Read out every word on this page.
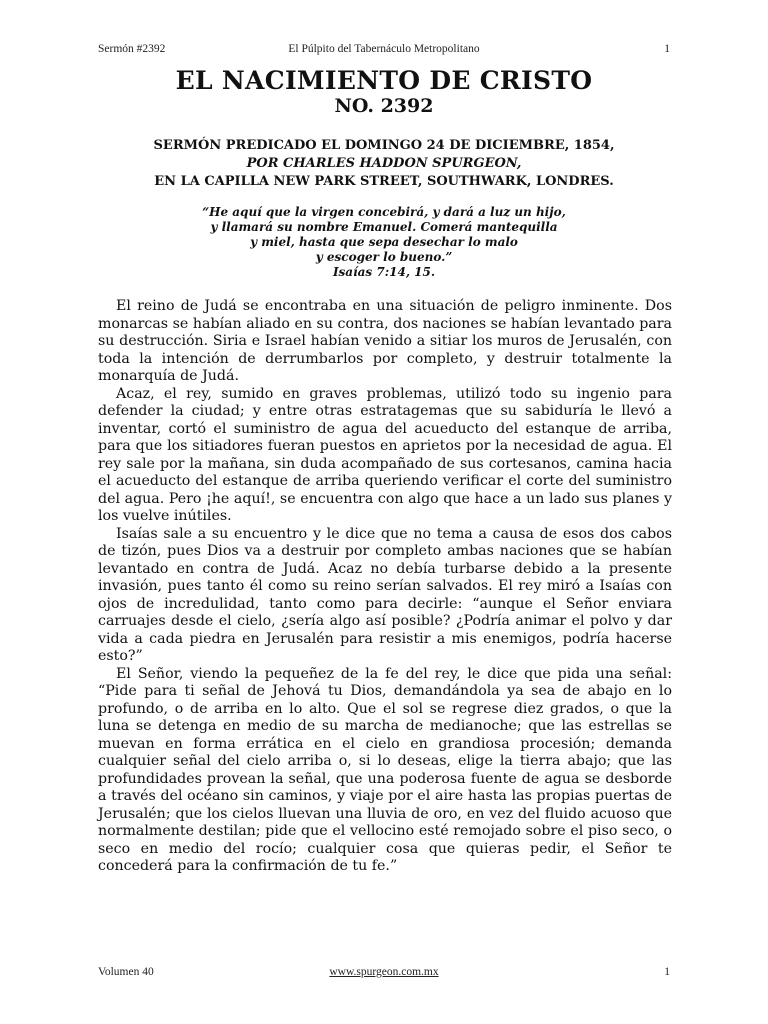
Sermón #2392	El Púlpito del Tabernáculo Metropolitano	1
EL NACIMIENTO DE CRISTO
NO. 2392
SERMÓN PREDICADO EL DOMINGO 24 DE DICIEMBRE, 1854,
POR CHARLES HADDON SPURGEON,
EN LA CAPILLA NEW PARK STREET, SOUTHWARK, LONDRES.
“He aquí que la virgen concebirá, y dará a luz un hijo,
y llamará su nombre Emanuel. Comerá mantequilla
y miel, hasta que sepa desechar lo malo
y escoger lo bueno.”
Isaías 7:14, 15.

El reino de Judá se encontraba en una situación de peligro inminente. Dos monarcas se habían aliado en su contra, dos naciones se habían levantado para su destrucción. Siria e Israel habían venido a sitiar los muros de Jerusalén, con toda la intención de derrumbarlos por completo, y destruir totalmente la monarquía de Judá.

Acaz, el rey, sumido en graves problemas, utilizó todo su ingenio para defender la ciudad; y entre otras estratagemas que su sabiduría le llevó a inventar, cortó el suministro de agua del acueducto del estanque de arriba, para que los sitiadores fueran puestos en aprietos por la necesidad de agua. El rey sale por la mañana, sin duda acompañado de sus cortesanos, camina hacia el acueducto del estanque de arriba queriendo verificar el corte del suministro del agua. Pero ¡he aquí!, se encuentra con algo que hace a un lado sus planes y los vuelve inútiles.

Isaías sale a su encuentro y le dice que no tema a causa de esos dos cabos de tizón, pues Dios va a destruir por completo ambas naciones que se habían levantado en contra de Judá. Acaz no debía turbarse debido a la presente invasión, pues tanto él como su reino serían salvados. El rey miró a Isaías con ojos de incredulidad, tanto como para decirle: “aunque el Señor enviara carruajes desde el cielo, ¿sería algo así posible? ¿Podría animar el polvo y dar vida a cada piedra en Jerusalén para resistir a mis enemigos, podría hacerse esto?”

El Señor, viendo la pequeñez de la fe del rey, le dice que pida una señal: “Pide para ti señal de Jehová tu Dios, demandándola ya sea de abajo en lo profundo, o de arriba en lo alto. Que el sol se regrese diez grados, o que la luna se detenga en medio de su marcha de medianoche; que las estrellas se muevan en forma errática en el cielo en grandiosa procesión; demanda cualquier señal del cielo arriba o, si lo deseas, elige la tierra abajo; que las profundidades provean la señal, que una poderosa fuente de agua se desborde a través del océano sin caminos, y viaje por el aire hasta las propias puertas de Jerusalén; que los cielos lluevan una lluvia de oro, en vez del fluido acuoso que normalmente destilan; pide que el vellocino esté remojado sobre el piso seco, o seco en medio del rocío; cualquier cosa que quieras pedir, el Señor te concederá para la confirmación de tu fe.”

Volumen 40	www.spurgeon.com.mx	1
